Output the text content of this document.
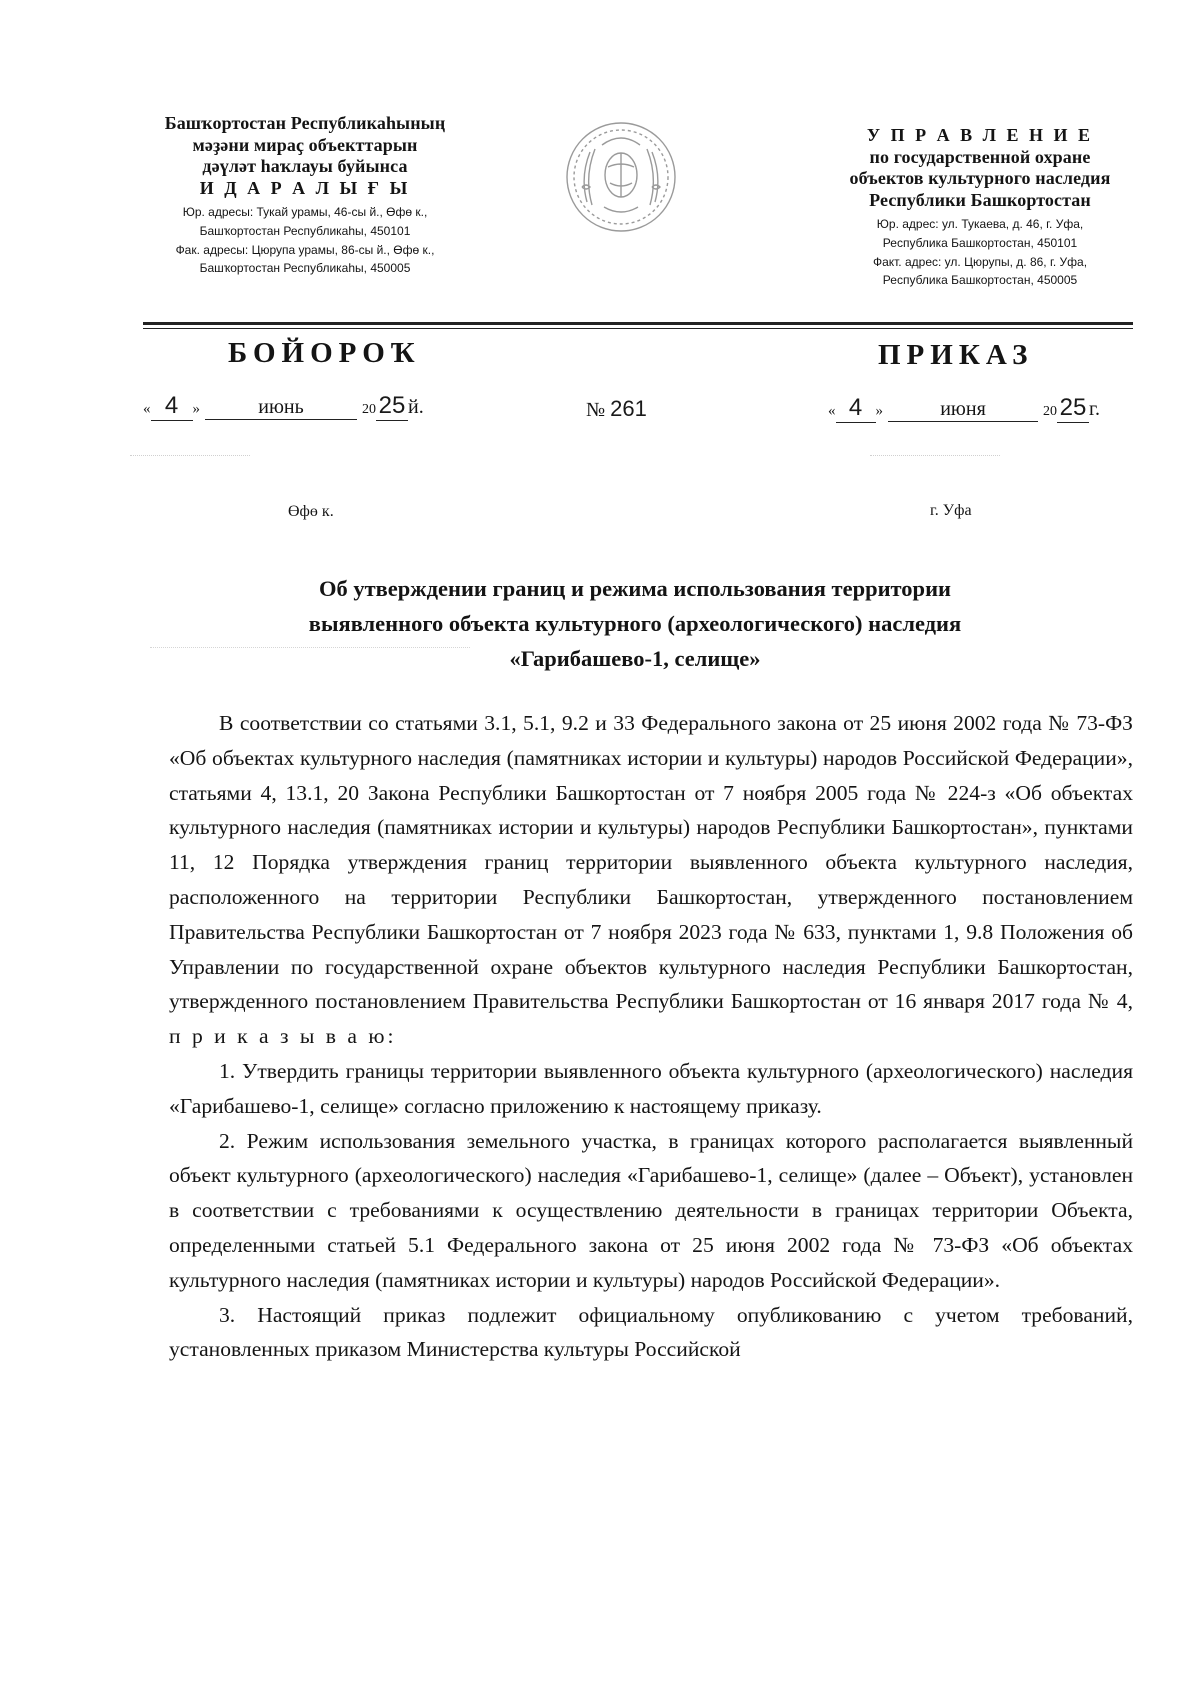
Башҡортостан Республикаһының
мәҙәни мираҫ объекттарын
дәүләт һаҡлауы буйынса
И Д А Р А Л Ы Ғ Ы
Юр. адресы: Тукай урамы, 46-сы й., Өфө к.,
Башҡортостан Республикаһы, 450101
Фак. адресы: Цюрупа урамы, 86-сы й., Өфө к.,
Башҡортостан Республикаһы, 450005
У П Р А В Л Е Н И Е
по государственной охране
объектов культурного наследия
Республики Башкортостан
Юр. адрес: ул. Тукаева, д. 46, г. Уфа,
Республика Башкортостан, 450101
Факт. адрес: ул. Цюрупы, д. 86, г. Уфа,
Республика Башкортостан, 450005
БОЙОРОҠ	ПРИКАЗ
« 4 »	июнь	20 25 й.	№ 261	« 4 »	июня	20 25 г.
Өфө к.	г. Уфа
Об утверждении границ и режима использования территории
выявленного объекта культурного (археологического) наследия
«Гарибашево-1, селище»

В соответствии со статьями 3.1, 5.1, 9.2 и 33 Федерального закона от 25 июня 2002 года № 73-ФЗ «Об объектах культурного наследия (памятниках истории и культуры) народов Российской Федерации», статьями 4, 13.1, 20 Закона Республики Башкортостан от 7 ноября 2005 года № 224-з «Об объектах культурного наследия (памятниках истории и культуры) народов Республики Башкортостан», пунктами 11, 12 Порядка утверждения границ территории выявленного объекта культурного наследия, расположенного на территории Республики Башкортостан, утвержденного постановлением Правительства Республики Башкортостан от 7 ноября 2023 года № 633, пунктами 1, 9.8 Положения об Управлении по государственной охране объектов культурного наследия Республики Башкортостан, утвержденного постановлением Правительства Республики Башкортостан от 16 января 2017 года № 4, п р и к а з ы в а ю:

1. Утвердить границы территории выявленного объекта культурного (археологического) наследия «Гарибашево-1, селище» согласно приложению к настоящему приказу.

2. Режим использования земельного участка, в границах которого располагается выявленный объект культурного (археологического) наследия «Гарибашево-1, селище» (далее – Объект), установлен в соответствии с требованиями к осуществлению деятельности в границах территории Объекта, определенными статьей 5.1 Федерального закона от 25 июня 2002 года № 73-ФЗ «Об объектах культурного наследия (памятниках истории и культуры) народов Российской Федерации».

3. Настоящий приказ подлежит официальному опубликованию с учетом требований, установленных приказом Министерства культуры Российской
